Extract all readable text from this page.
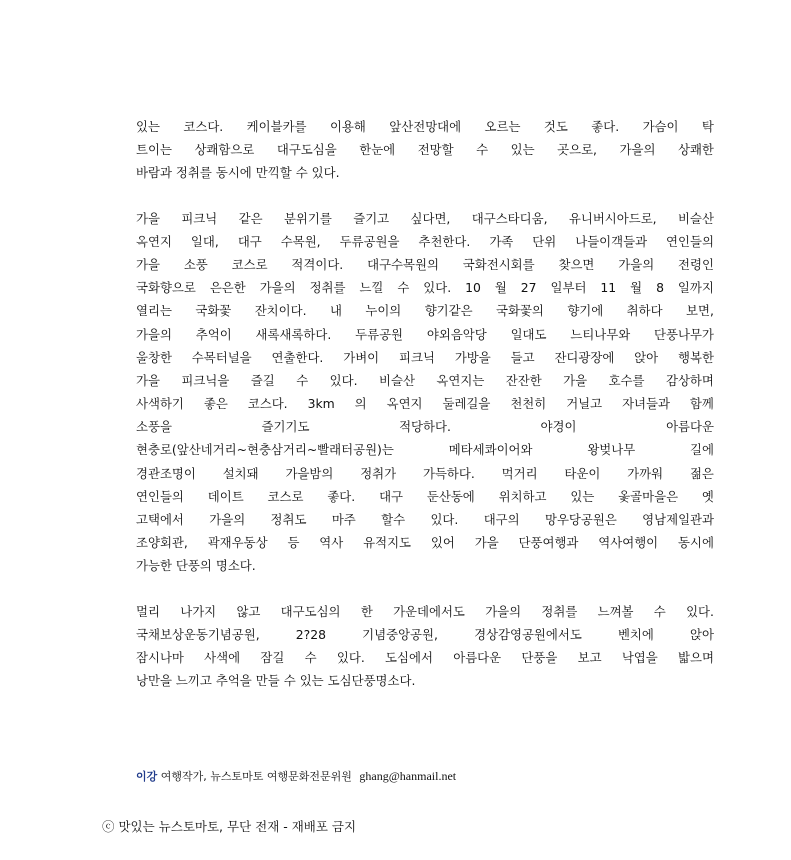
있는 코스다. 케이블카를 이용해 앞산전망대에 오르는 것도 좋다. 가슴이 탁
트이는 상쾌함으로 대구도심을 한눈에 전망할 수 있는 곳으로, 가을의 상쾌한
바람과 정취를 동시에 만끽할 수 있다.
가을 피크닉 같은 분위기를 즐기고 싶다면, 대구스타디움, 유니버시아드로, 비슬산
옥연지 일대, 대구 수목원, 두류공원을 추천한다. 가족 단위 나들이객들과 연인들의
가을 소풍 코스로 적격이다. 대구수목원의 국화전시회를 찾으면 가을의 전령인
국화향으로 은은한 가을의 정취를 느낄 수 있다. 10 월 27 일부터 11 월 8 일까지
열리는 국화꽃 잔치이다. 내 누이의 향기같은 국화꽃의 향기에 취하다 보면,
가을의 추억이 새록새록하다. 두류공원 야외음악당 일대도 느티나무와 단풍나무가
울창한 수목터널을 연출한다. 가벼이 피크닉 가방을 들고 잔디광장에 앉아 행복한
가을 피크닉을 즐길 수 있다. 비슬산 옥연지는 잔잔한 가을 호수를 감상하며
사색하기 좋은 코스다. 3km 의 옥연지 둘레길을 천천히 거닐고 자녀들과 함께
소풍을	즐기기도	적당하다.	야경이	아름다운
현충로(앞산네거리~현충삼거리~빨래터공원)는	메타세콰이어와	왕벚나무	길에
경관조명이 설치돼 가을밤의 정취가 가득하다. 먹거리 타운이 가까워 젊은
연인들의 데이트 코스로 좋다. 대구 둔산동에 위치하고 있는 옻골마을은 옛
고택에서 가을의 정취도 마주 할수 있다. 대구의 망우당공원은 영남제일관과
조양회관, 곽재우동상 등 역사 유적지도 있어 가을 단풍여행과 역사여행이 동시에
가능한 단풍의 명소다.
멀리 나가지 않고 대구도심의 한 가운데에서도 가을의 정취를 느껴볼 수 있다.
국채보상운동기념공원,	2?28	기념중앙공원,	경상감영공원에서도	벤치에	앉아
잠시나마 사색에 잠길 수 있다. 도심에서 아름다운 단풍을 보고 낙엽을 밟으며
낭만을 느끼고 추억을 만들 수 있는 도심단풍명소다.
이강 여행작가, 뉴스토마토 여행문화전문위원 ghang@hanmail.net
ⓒ 맛있는 뉴스토마토, 무단 전재 - 재배포 금지
